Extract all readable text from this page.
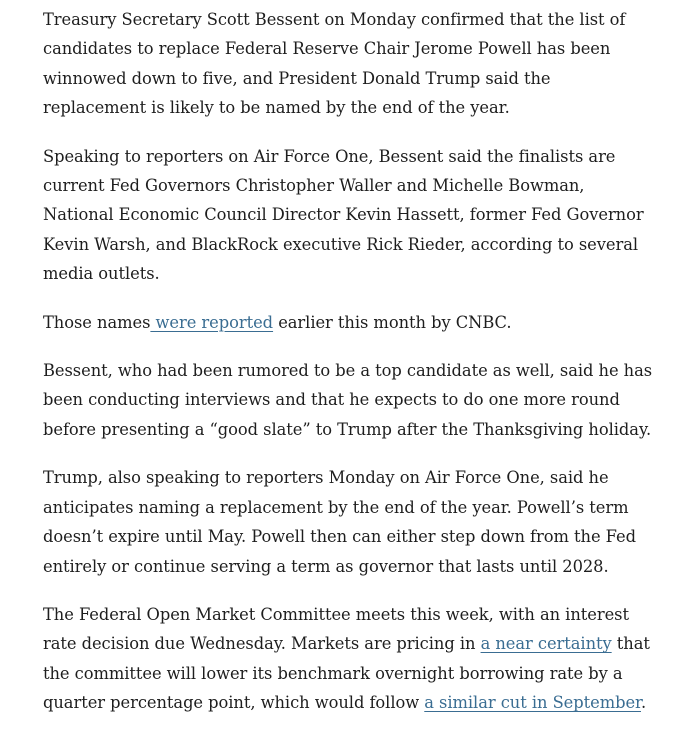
Treasury Secretary Scott Bessent on Monday confirmed that the list of candidates to replace Federal Reserve Chair Jerome Powell has been winnowed down to five, and President Donald Trump said the replacement is likely to be named by the end of the year.

Speaking to reporters on Air Force One, Bessent said the finalists are current Fed Governors Christopher Waller and Michelle Bowman, National Economic Council Director Kevin Hassett, former Fed Governor Kevin Warsh, and BlackRock executive Rick Rieder, according to several media outlets.

Those names were reported earlier this month by CNBC.

Bessent, who had been rumored to be a top candidate as well, said he has been conducting interviews and that he expects to do one more round before presenting a “good slate” to Trump after the Thanksgiving holiday.

Trump, also speaking to reporters Monday on Air Force One, said he anticipates naming a replacement by the end of the year. Powell’s term doesn’t expire until May. Powell then can either step down from the Fed entirely or continue serving a term as governor that lasts until 2028.

The Federal Open Market Committee meets this week, with an interest rate decision due Wednesday. Markets are pricing in a near certainty that the committee will lower its benchmark overnight borrowing rate by a quarter percentage point, which would follow a similar cut in September.
